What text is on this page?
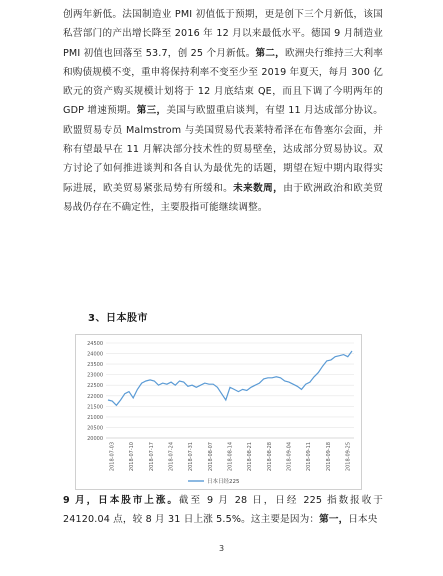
创两年新低。法国制造业 PMI 初值低于预期，更是创下三个月新低，该国私营部门的产出增长降至 2016 年 12 月以来最低水平。德国 9 月制造业 PMI 初值也回落至 53.7，创 25 个月新低。第二，欧洲央行维持三大利率和购债规模不变，重申将保持利率不变至少至 2019 年夏天，每月 300 亿欧元的资产购买规模计划将于 12 月底结束 QE，而且下调了今明两年的 GDP 增速预期。第三，美国与欧盟重启谈判，有望 11 月达成部分协议。欧盟贸易专员 Malmstrom 与美国贸易代表莱特希泽在布鲁塞尔会面，并称有望最早在 11 月解决部分技术性的贸易壁垒，达成部分贸易协议。双方讨论了如何推进谈判和各自认为最优先的话题，期望在短中期内取得实际进展，欧美贸易紧张局势有所缓和。未来数周，由于欧洲政治和欧美贸易战仍存在不确定性，主要股指可能继续调整。
3、日本股市
20000
20500
21000
21500
22000
22500
23000
23500
24000
24500
2018-07-03	2018-07-10	2018-07-17	2018-07-24	2018-07-31	2018-08-07	2018-08-14	2018-08-21	2018-08-28	2018-09-04	2018-09-11	2018-09-18	2018-09-25
日本日经225
9 月，日本股市上涨。截至 9 月 28 日，日经 225 指数报收于 24120.04 点，较 8 月 31 日上涨 5.5%。这主要是因为：第一，日本央
3
